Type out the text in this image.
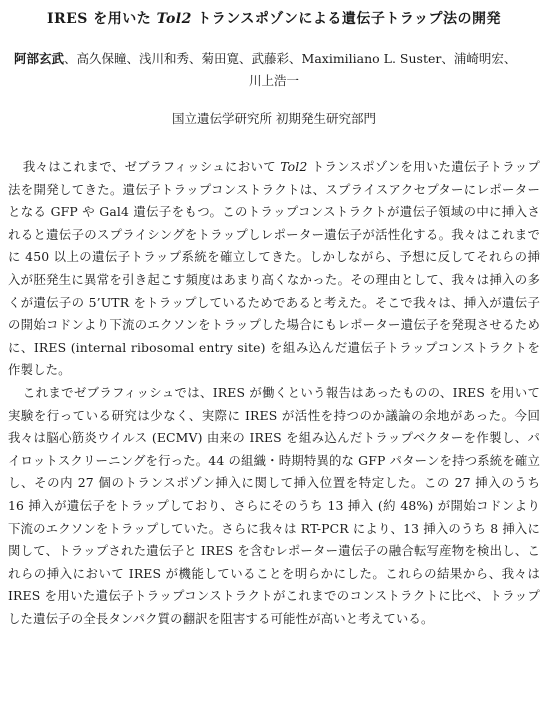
IRES を用いた Tol2 トランスポゾンによる遺伝子トラップ法の開発
阿部玄武、高久保瞳、浅川和秀、菊田寛、武藤彩、Maximiliano L. Suster、浦崎明宏、
川上浩一
国立遺伝学研究所 初期発生研究部門

我々はこれまで、ゼブラフィッシュにおいて Tol2 トランスポゾンを用いた遺伝子トラップ法を開発してきた。遺伝子トラップコンストラクトは、スプライスアクセプターにレポーターとなる GFP や Gal4 遺伝子をもつ。このトラップコンストラクトが遺伝子領域の中に挿入されると遺伝子のスプライシングをトラップしレポーター遺伝子が活性化する。我々はこれまでに 450 以上の遺伝子トラップ系統を確立してきた。しかしながら、予想に反してそれらの挿入が胚発生に異常を引き起こす頻度はあまり高くなかった。その理由として、我々は挿入の多くが遺伝子の 5’UTR をトラップしているためであると考えた。そこで我々は、挿入が遺伝子の開始コドンより下流のエクソンをトラップした場合にもレポーター遺伝子を発現させるために、IRES (internal ribosomal entry site) を組み込んだ遺伝子トラップコンストラクトを作製した。

これまでゼブラフィッシュでは、IRES が働くという報告はあったものの、IRES を用いて実験を行っている研究は少なく、実際に IRES が活性を持つのか議論の余地があった。今回我々は脳心筋炎ウイルス (ECMV) 由来の IRES を組み込んだトラップベクターを作製し、パイロットスクリーニングを行った。44 の組織・時期特異的な GFP パターンを持つ系統を確立し、その内 27 個のトランスポゾン挿入に関して挿入位置を特定した。この 27 挿入のうち 16 挿入が遺伝子をトラップしており、さらにそのうち 13 挿入 (約 48%) が開始コドンより下流のエクソンをトラップしていた。さらに我々は RT-PCR により、13 挿入のうち 8 挿入に関して、トラップされた遺伝子と IRES を含むレポーター遺伝子の融合転写産物を検出し、これらの挿入において IRES が機能していることを明らかにした。これらの結果から、我々は IRES を用いた遺伝子トラップコンストラクトがこれまでのコンストラクトに比べ、トラップした遺伝子の全長タンパク質の翻訳を阻害する可能性が高いと考えている。
